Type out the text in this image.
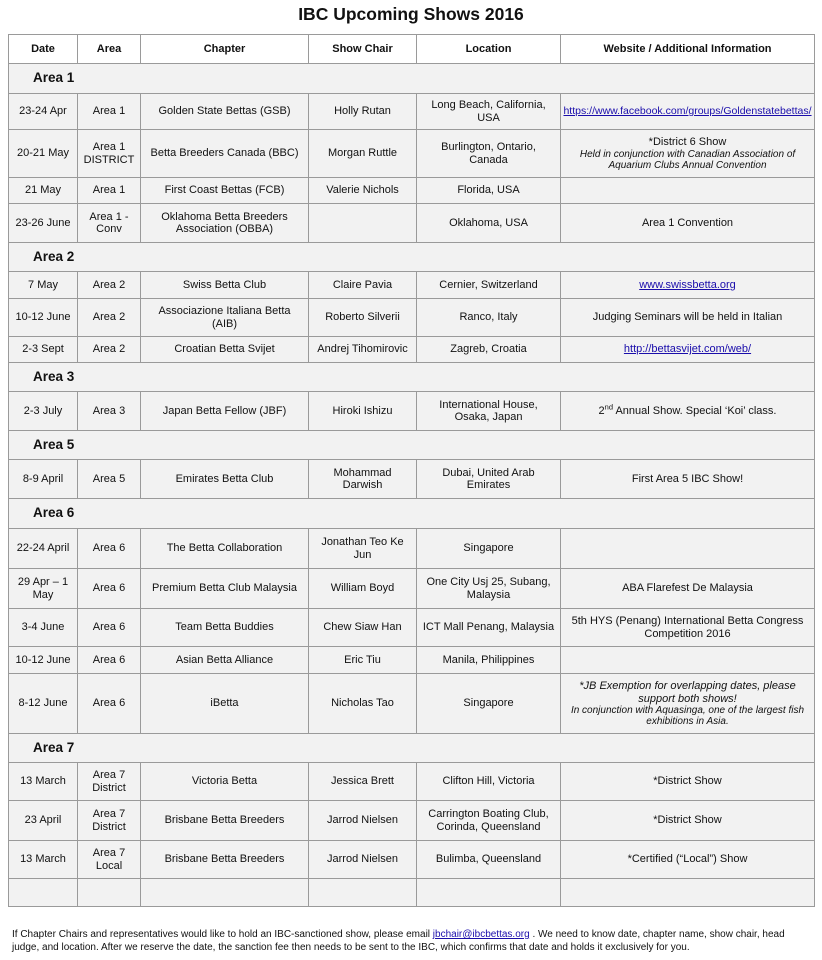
IBC Upcoming Shows 2016
Date	Area	Chapter	Show Chair	Location	Website / Additional Information
Area 1					
23-24 Apr	Area 1	Golden State Bettas (GSB)	Holly Rutan	Long Beach, California, USA	https://www.facebook.com/groups/Goldenstatebettas/
20-21 May	Area 1 DISTRICT	Betta Breeders Canada (BBC)	Morgan Ruttle	Burlington, Ontario, Canada	*District 6 Show
Held in conjunction with Canadian Association of Aquarium Clubs Annual Convention

21 May	Area 1	First Coast Bettas (FCB)	Valerie Nichols	Florida, USA	
23-26 June	Area 1 - Conv	Oklahoma Betta Breeders Association (OBBA)		Oklahoma, USA	Area 1 Convention
Area 2					
7 May	Area 2	Swiss Betta Club	Claire Pavia	Cernier, Switzerland	www.swissbetta.org
10-12 June	Area 2	Associazione Italiana Betta (AIB)	Roberto Silverii	Ranco, Italy	Judging Seminars will be held in Italian
2-3 Sept	Area 2	Croatian Betta Svijet	Andrej Tihomirovic	Zagreb, Croatia	http://bettasvijet.com/web/
Area 3					
2-3 July	Area 3	Japan Betta Fellow (JBF)	Hiroki Ishizu	International House, Osaka, Japan	2nd Annual Show. Special ‘Koi’ class.
Area 5					
8-9 April	Area 5	Emirates Betta Club	Mohammad Darwish	Dubai, United Arab Emirates	First Area 5 IBC Show!
Area 6					
22-24 April	Area 6	The Betta Collaboration	Jonathan Teo Ke Jun	Singapore	
29 Apr – 1 May	Area 6	Premium Betta Club Malaysia	William Boyd	One City Usj 25, Subang, Malaysia	ABA Flarefest De Malaysia
3-4 June	Area 6	Team Betta Buddies	Chew Siaw Han	ICT Mall Penang, Malaysia	5th HYS (Penang) International Betta Congress Competition 2016
10-12 June	Area 6	Asian Betta Alliance	Eric Tiu	Manila, Philippines	
8-12 June	Area 6	iBetta	Nicholas Tao	Singapore	*JB Exemption for overlapping dates, please support both shows!
In conjunction with Aquasinga, one of the largest fish exhibitions in Asia.

Area 7					
13 March	Area 7 District	Victoria Betta	Jessica Brett	Clifton Hill, Victoria	*District Show
23 April	Area 7 District	Brisbane Betta Breeders	Jarrod Nielsen	Carrington Boating Club, Corinda, Queensland	*District Show
13 March	Area 7 Local	Brisbane Betta Breeders	Jarrod Nielsen	Bulimba, Queensland	*Certified (“Local”) Show

If Chapter Chairs and representatives would like to hold an IBC-sanctioned show, please email jbchair@ibcbettas.org . We need to know date, chapter name, show chair, head judge, and location. After we reserve the date, the sanction fee then needs to be sent to the IBC, which confirms that date and holds it exclusively for you.
